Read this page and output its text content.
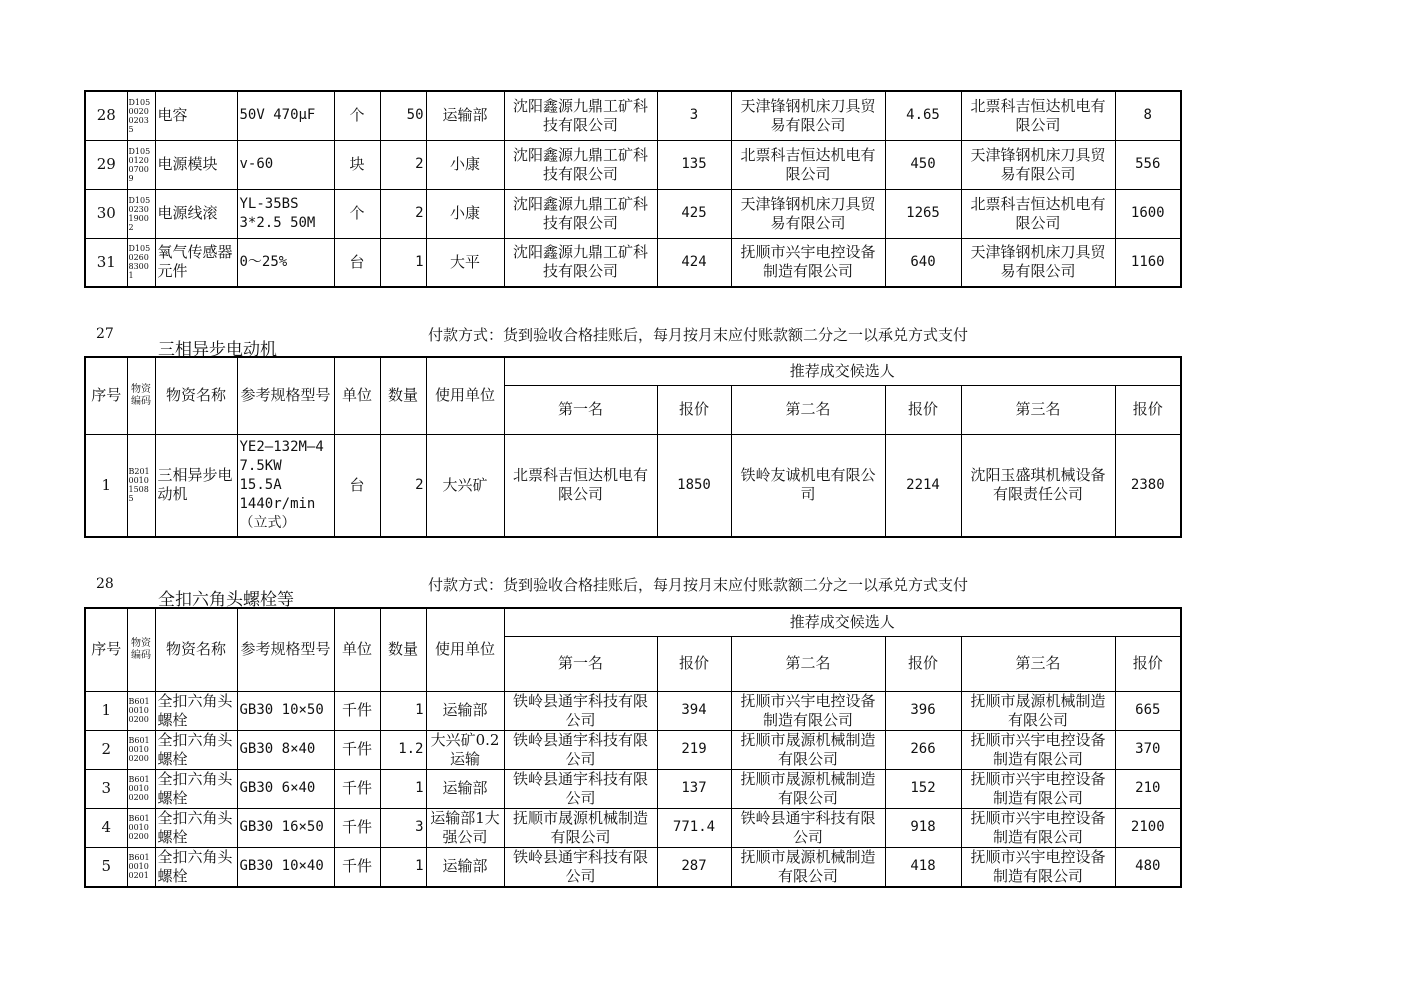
28	D1050020 02035	电容	50V 470μF	个	50	运输部	沈阳鑫源九鼎工矿科技有限公司	3	天津锋钢机床刀具贸易有限公司	4.65	北票科吉恒达机电有限公司	8
29	D1050120 07009	电源模块	v-60	块	2	小康	沈阳鑫源九鼎工矿科技有限公司	135	北票科吉恒达机电有限公司	450	天津锋钢机床刀具贸易有限公司	556
30	D1050230 19002	电源线滚	YL-35BS 3*2.5 50M	个	2	小康	沈阳鑫源九鼎工矿科技有限公司	425	天津锋钢机床刀具贸易有限公司	1265	北票科吉恒达机电有限公司	1600
31	D1050260 83001	氧气传感器元件	0～25%	台	1	大平	沈阳鑫源九鼎工矿科技有限公司	424	抚顺市兴宇电控设备制造有限公司	640	天津锋钢机床刀具贸易有限公司	1160
27
三相异步电动机
付款方式：货到验收合格挂账后，每月按月末应付账款额二分之一以承兑方式支付
序号	物资编码	物资名称	参考规格型号	单位	数量	使用单位	推荐成交候选人					
							第一名	报价	第二名	报价	第三名	报价
1	B2010010 15085	三相异步电动机	YE2—132M—4　7.5KW 15.5A 1440r/min（立式）	台	2	大兴矿	北票科吉恒达机电有限公司	1850	铁岭友诚机电有限公司	2214	沈阳玉盛琪机械设备有限责任公司	2380
28
全扣六角头螺栓等
付款方式：货到验收合格挂账后，每月按月末应付账款额二分之一以承兑方式支付
序号	物资编码	物资名称	参考规格型号	单位	数量	使用单位	推荐成交候选人					
							第一名	报价	第二名	报价	第三名	报价
1	B6010010 0200	全扣六角头螺栓	GB30 10×50	千件	1	运输部	铁岭县通宇科技有限公司	394	抚顺市兴宇电控设备制造有限公司	396	抚顺市晟源机械制造有限公司	665
2	B6010010 0200	全扣六角头螺栓	GB30 8×40	千件	1.2	大兴矿0.2运输	铁岭县通宇科技有限公司	219	抚顺市晟源机械制造有限公司	266	抚顺市兴宇电控设备制造有限公司	370
3	B6010010 0200	全扣六角头螺栓	GB30 6×40	千件	1	运输部	铁岭县通宇科技有限公司	137	抚顺市晟源机械制造有限公司	152	抚顺市兴宇电控设备制造有限公司	210
4	B6010010 0200	全扣六角头螺栓	GB30 16×50	千件	3	运输部1大强公司	抚顺市晟源机械制造有限公司	771.4	铁岭县通宇科技有限公司	918	抚顺市兴宇电控设备制造有限公司	2100
5	B6010010 0201	全扣六角头螺栓	GB30 10×40	千件	1	运输部	铁岭县通宇科技有限公司	287	抚顺市晟源机械制造有限公司	418	抚顺市兴宇电控设备制造有限公司	480
